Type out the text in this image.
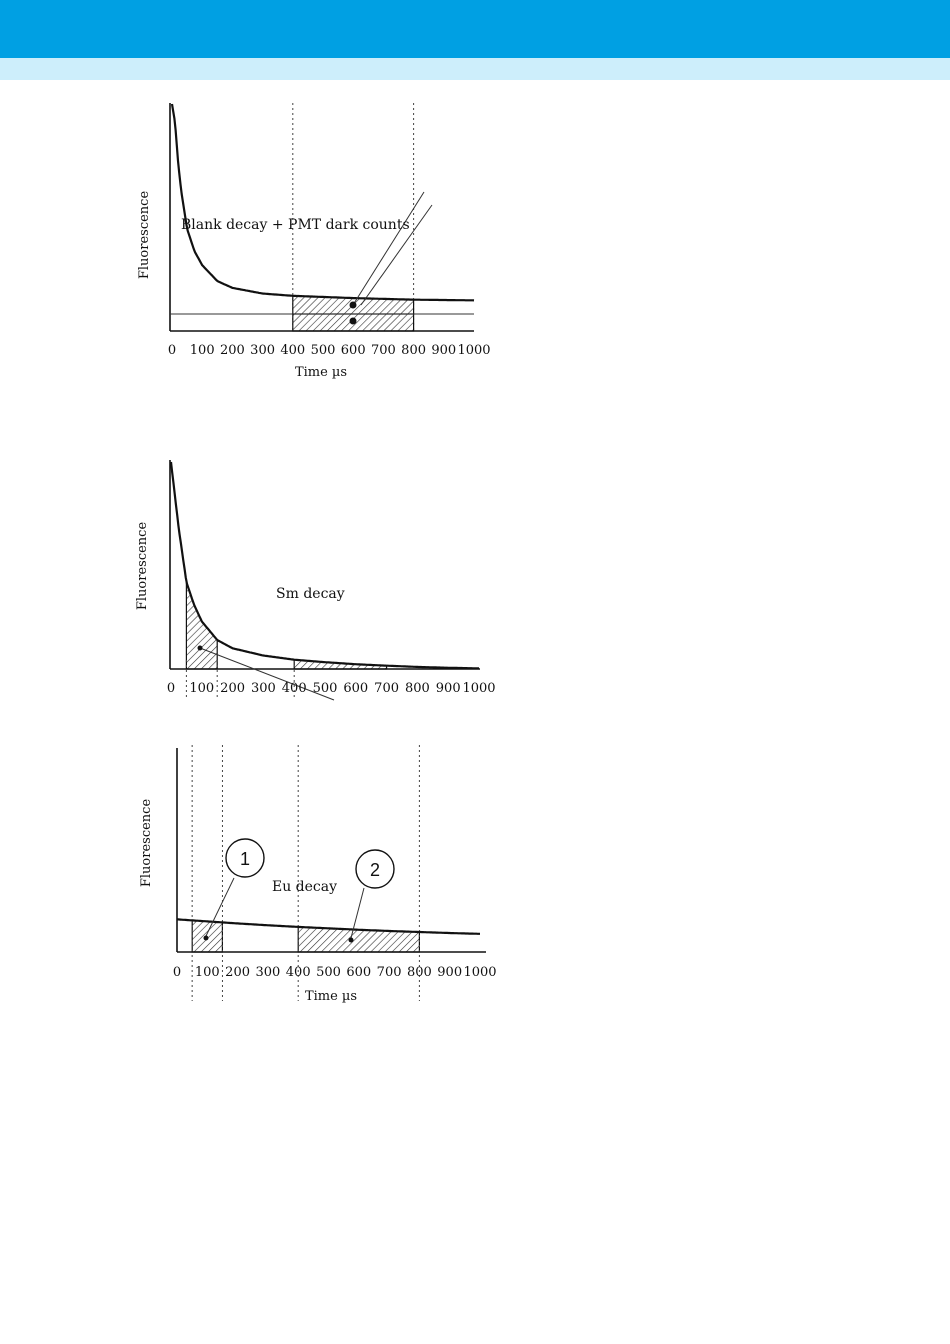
Blank decay + PMT dark counts
Fluorescence
Time µs
0 100 200 300 400 500 600 700 800 900 1000
Sm decay
Fluorescence
0 100 200 300 400 500 600 700 800 900 1000
1
2
Eu decay
Fluorescence
Time µs
0 100 200 300 400 500 600 700 800 900 1000
